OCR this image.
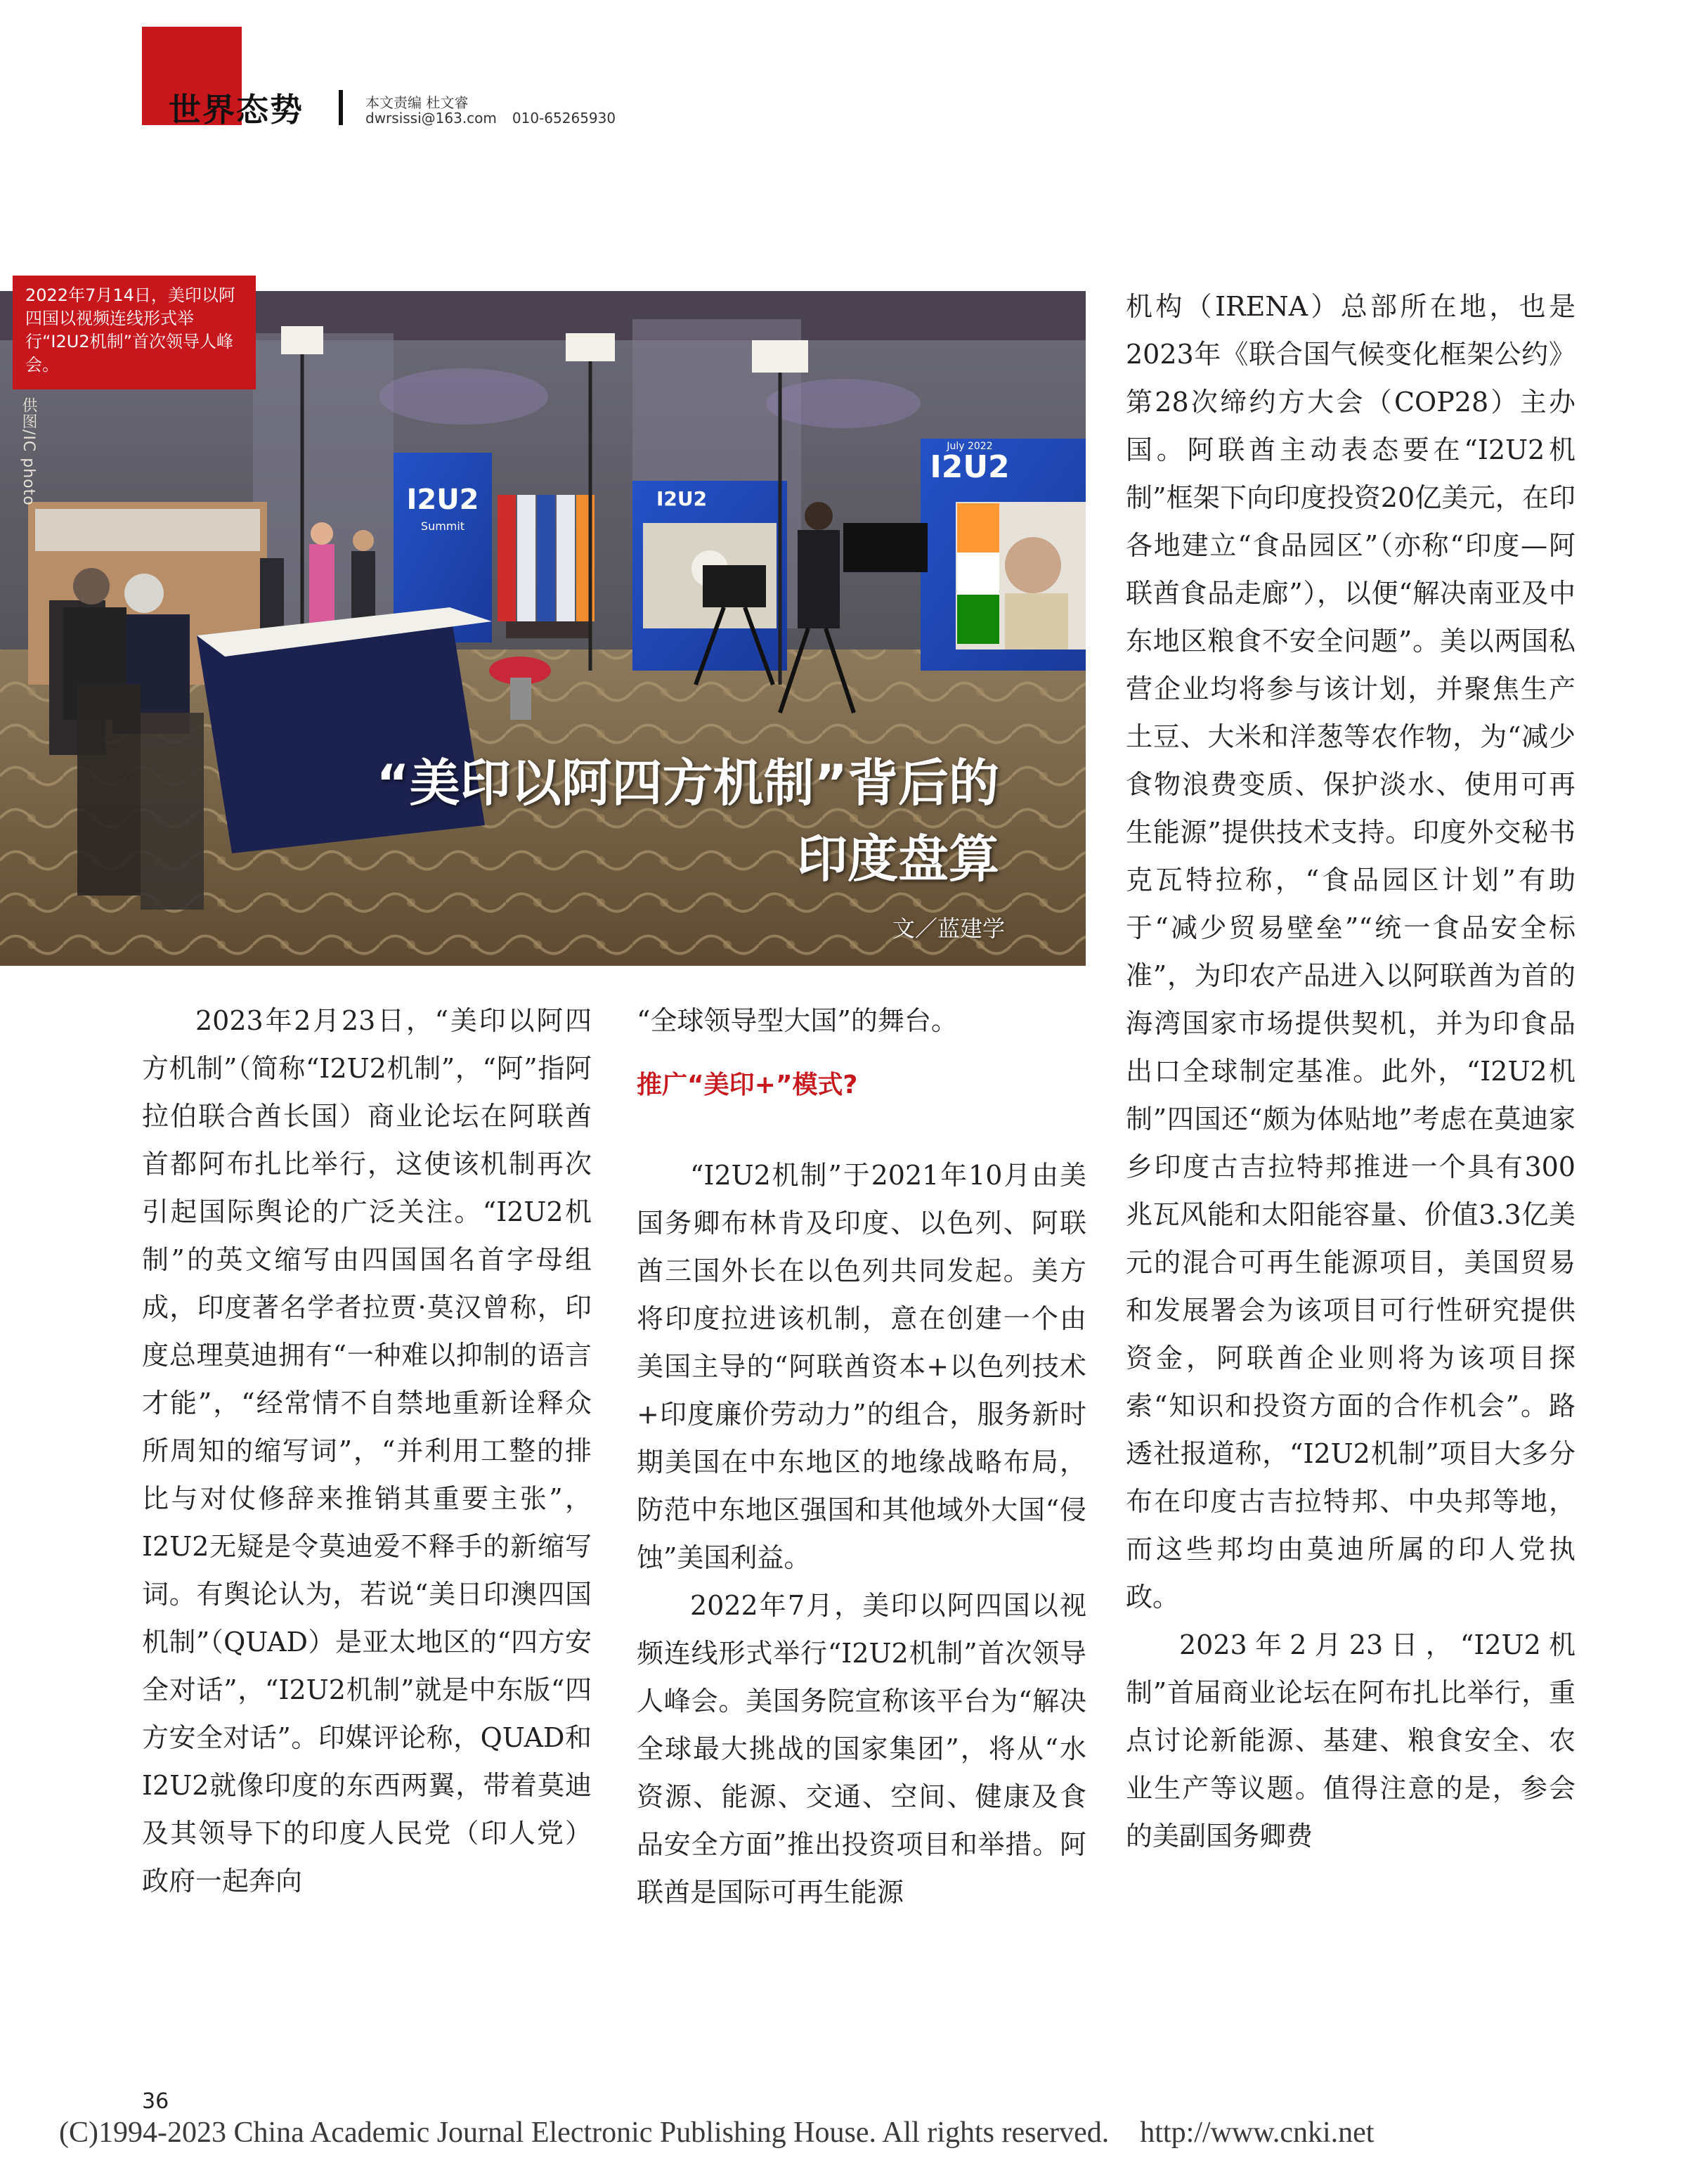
世界态势	本文责编 杜文睿

dwrsissi@163.com 010-65265930

I2U2
Summit
I2U2
I2U2
July 2022

2022年7月14日，美印以阿四国以视频连线形式举行“I2U2机制”首次领导人峰会。

供图/IC photo

“美印以阿四方机制”背后的
印度盘算

文／蓝建学

2023年2月23日，“美印以阿四方机制”（简称“I2U2机制”，“阿”指阿拉伯联合酋长国）商业论坛在阿联酋首都阿布扎比举行，这使该机制再次引起国际舆论的广泛关注。“I2U2机制”的英文缩写由四国国名首字母组成，印度著名学者拉贾·莫汉曾称，印度总理莫迪拥有“一种难以抑制的语言才能”，“经常情不自禁地重新诠释众所周知的缩写词”，“并利用工整的排比与对仗修辞来推销其重要主张”，I2U2无疑是令莫迪爱不释手的新缩写词。有舆论认为，若说“美日印澳四国机制”（QUAD）是亚太地区的“四方安全对话”，“I2U2机制”就是中东版“四方安全对话”。印媒评论称，QUAD和I2U2就像印度的东西两翼，带着莫迪及其领导下的印度人民党（印人党）政府一起奔向

“全球领导型大国”的舞台。

推广“美印+”模式?

“I2U2机制”于2021年10月由美国务卿布林肯及印度、以色列、阿联酋三国外长在以色列共同发起。美方将印度拉进该机制，意在创建一个由美国主导的“阿联酋资本+以色列技术+印度廉价劳动力”的组合，服务新时期美国在中东地区的地缘战略布局，防范中东地区强国和其他域外大国“侵蚀”美国利益。

2022年7月，美印以阿四国以视频连线形式举行“I2U2机制”首次领导人峰会。美国务院宣称该平台为“解决全球最大挑战的国家集团”，将从“水资源、能源、交通、空间、健康及食品安全方面”推出投资项目和举措。阿联酋是国际可再生能源

机构（IRENA）总部所在地，也是2023年《联合国气候变化框架公约》第28次缔约方大会（COP28）主办国。阿联酋主动表态要在“I2U2机制”框架下向印度投资20亿美元，在印各地建立“食品园区”（亦称“印度—阿联酋食品走廊”），以便“解决南亚及中东地区粮食不安全问题”。美以两国私营企业均将参与该计划，并聚焦生产土豆、大米和洋葱等农作物，为“减少食物浪费变质、保护淡水、使用可再生能源”提供技术支持。印度外交秘书克瓦特拉称，“食品园区计划”有助于“减少贸易壁垒”“统一食品安全标准”，为印农产品进入以阿联酋为首的海湾国家市场提供契机，并为印食品出口全球制定基准。此外，“I2U2机制”四国还“颇为体贴地”考虑在莫迪家乡印度古吉拉特邦推进一个具有300兆瓦风能和太阳能容量、价值3.3亿美元的混合可再生能源项目，美国贸易和发展署会为该项目可行性研究提供资金，阿联酋企业则将为该项目探索“知识和投资方面的合作机会”。路透社报道称，“I2U2机制”项目大多分布在印度古吉拉特邦、中央邦等地，而这些邦均由莫迪所属的印人党执政。

2023年2月23日，“I2U2机制”首届商业论坛在阿布扎比举行，重点讨论新能源、基建、粮食安全、农业生产等议题。值得注意的是，参会的美副国务卿费

36

(C)1994-2023 China Academic Journal Electronic Publishing House. All rights reserved. http://www.cnki.net
